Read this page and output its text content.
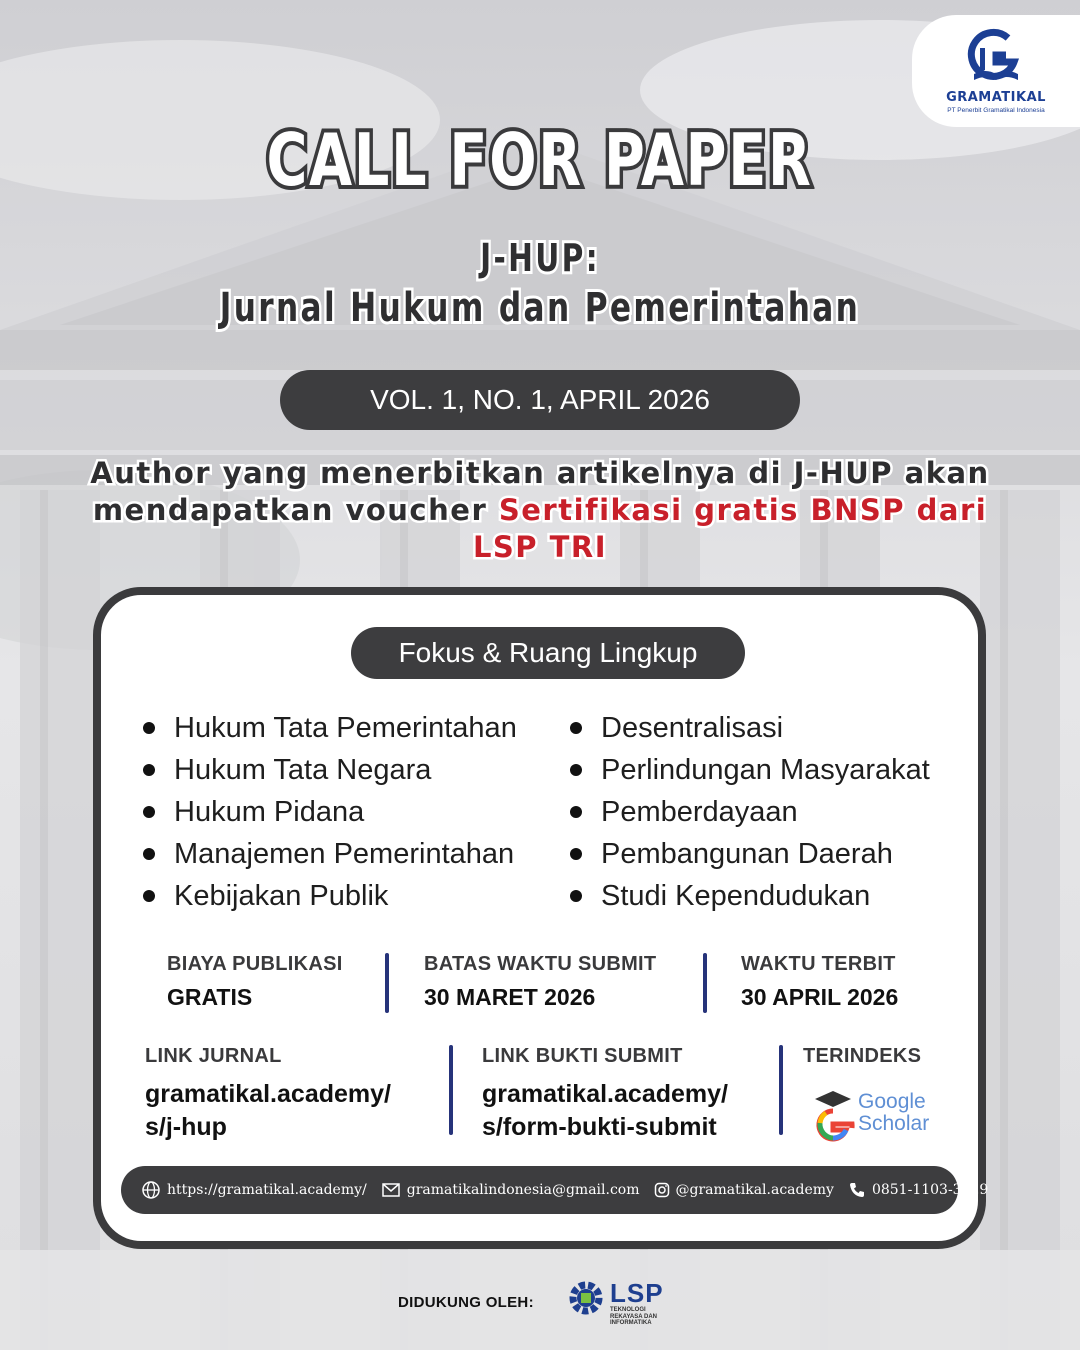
GRAMATIKAL
PT Penerbit Gramatikal Indonesia
CALL FOR PAPER
J-HUP:
Jurnal Hukum dan Pemerintahan
VOL. 1, NO. 1, APRIL 2026
Author yang menerbitkan artikelnya di J-HUP akan
mendapatkan voucher Sertifikasi gratis BNSP dari
LSP TRI
Fokus & Ruang Lingkup
Hukum Tata Pemerintahan
Hukum Tata Negara
Hukum Pidana
Manajemen Pemerintahan
Kebijakan Publik
Desentralisasi
Perlindungan Masyarakat
Pemberdayaan
Pembangunan Daerah
Studi Kependudukan
BIAYA PUBLIKASI
GRATIS
BATAS WAKTU SUBMIT
30 MARET 2026
WAKTU TERBIT
30 APRIL 2026
LINK JURNAL
gramatikal.academy/
s/j-hup
LINK BUKTI SUBMIT
gramatikal.academy/
s/form-bukti-submit
TERINDEKS
Google
Scholar
https://gramatikal.academy/	gramatikalindonesia@gmail.com	@gramatikal.academy	0851-1103-3629
DIDUKUNG OLEH:	LSP
TEKNOLOGI
REKAYASA DAN
INFORMATIKA
